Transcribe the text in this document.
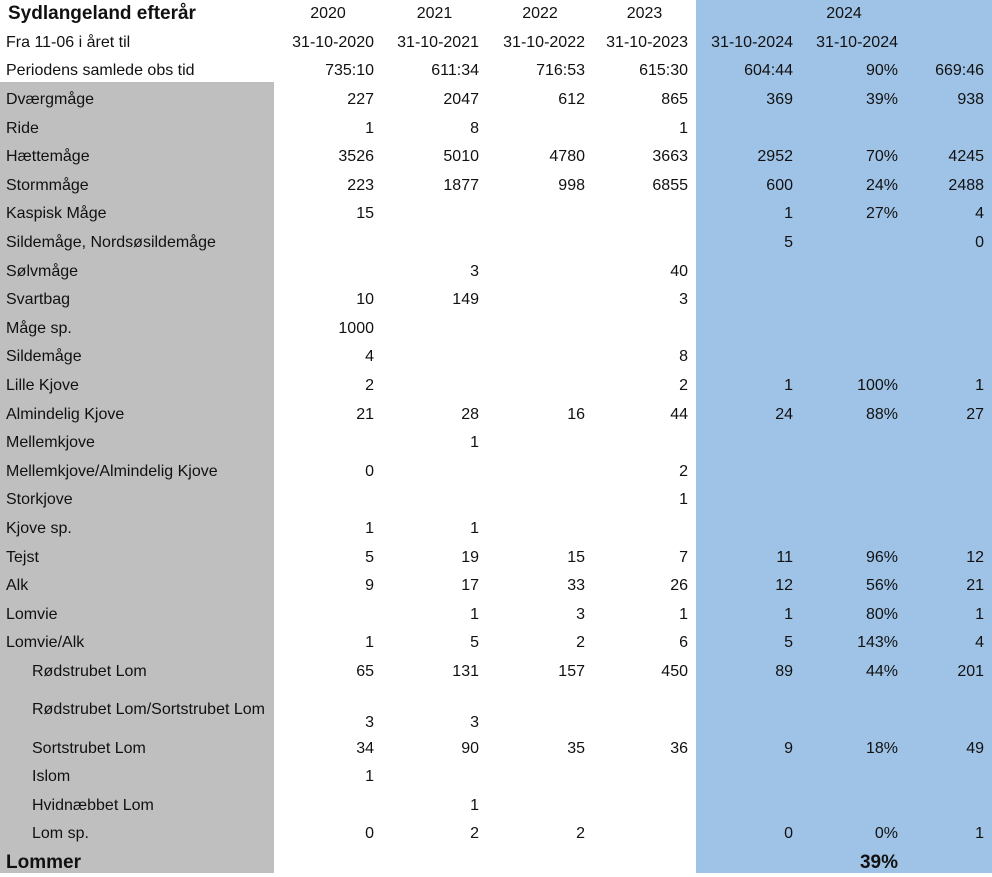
Sydlangeland efterår	2020	2021	2022	2023	2024		
Fra 11-06 i året til	31-10-2020	31-10-2021	31-10-2022	31-10-2023	31-10-2024	31-10-2024	
Periodens samlede obs tid	735:10	611:34	716:53	615:30	604:44	90%	669:46
Dværgmåge	227	2047	612	865	369	39%	938
Ride	1	8		1			
Hættemåge	3526	5010	4780	3663	2952	70%	4245
Stormmåge	223	1877	998	6855	600	24%	2488
Kaspisk Måge	15				1	27%	4
Sildemåge, Nordsøsildemåge					5		0
Sølvmåge		3		40			
Svartbag	10	149		3			
Måge sp.	1000						
Sildemåge	4			8			
Lille Kjove	2			2	1	100%	1
Almindelig Kjove	21	28	16	44	24	88%	27
Mellemkjove		1					
Mellemkjove/Almindelig Kjove	0			2			
Storkjove				1			
Kjove sp.	1	1					
Tejst	5	19	15	7	11	96%	12
Alk	9	17	33	26	12	56%	21
Lomvie		1	3	1	1	80%	1
Lomvie/Alk	1	5	2	6	5	143%	4
Rødstrubet Lom	65	131	157	450	89	44%	201
Rødstrubet Lom/Sortstrubet Lom	3	3					
Sortstrubet Lom	34	90	35	36	9	18%	49
Islom	1						
Hvidnæbbet Lom		1					
Lom sp.	0	2	2		0	0%	1
Lommer						39%	
